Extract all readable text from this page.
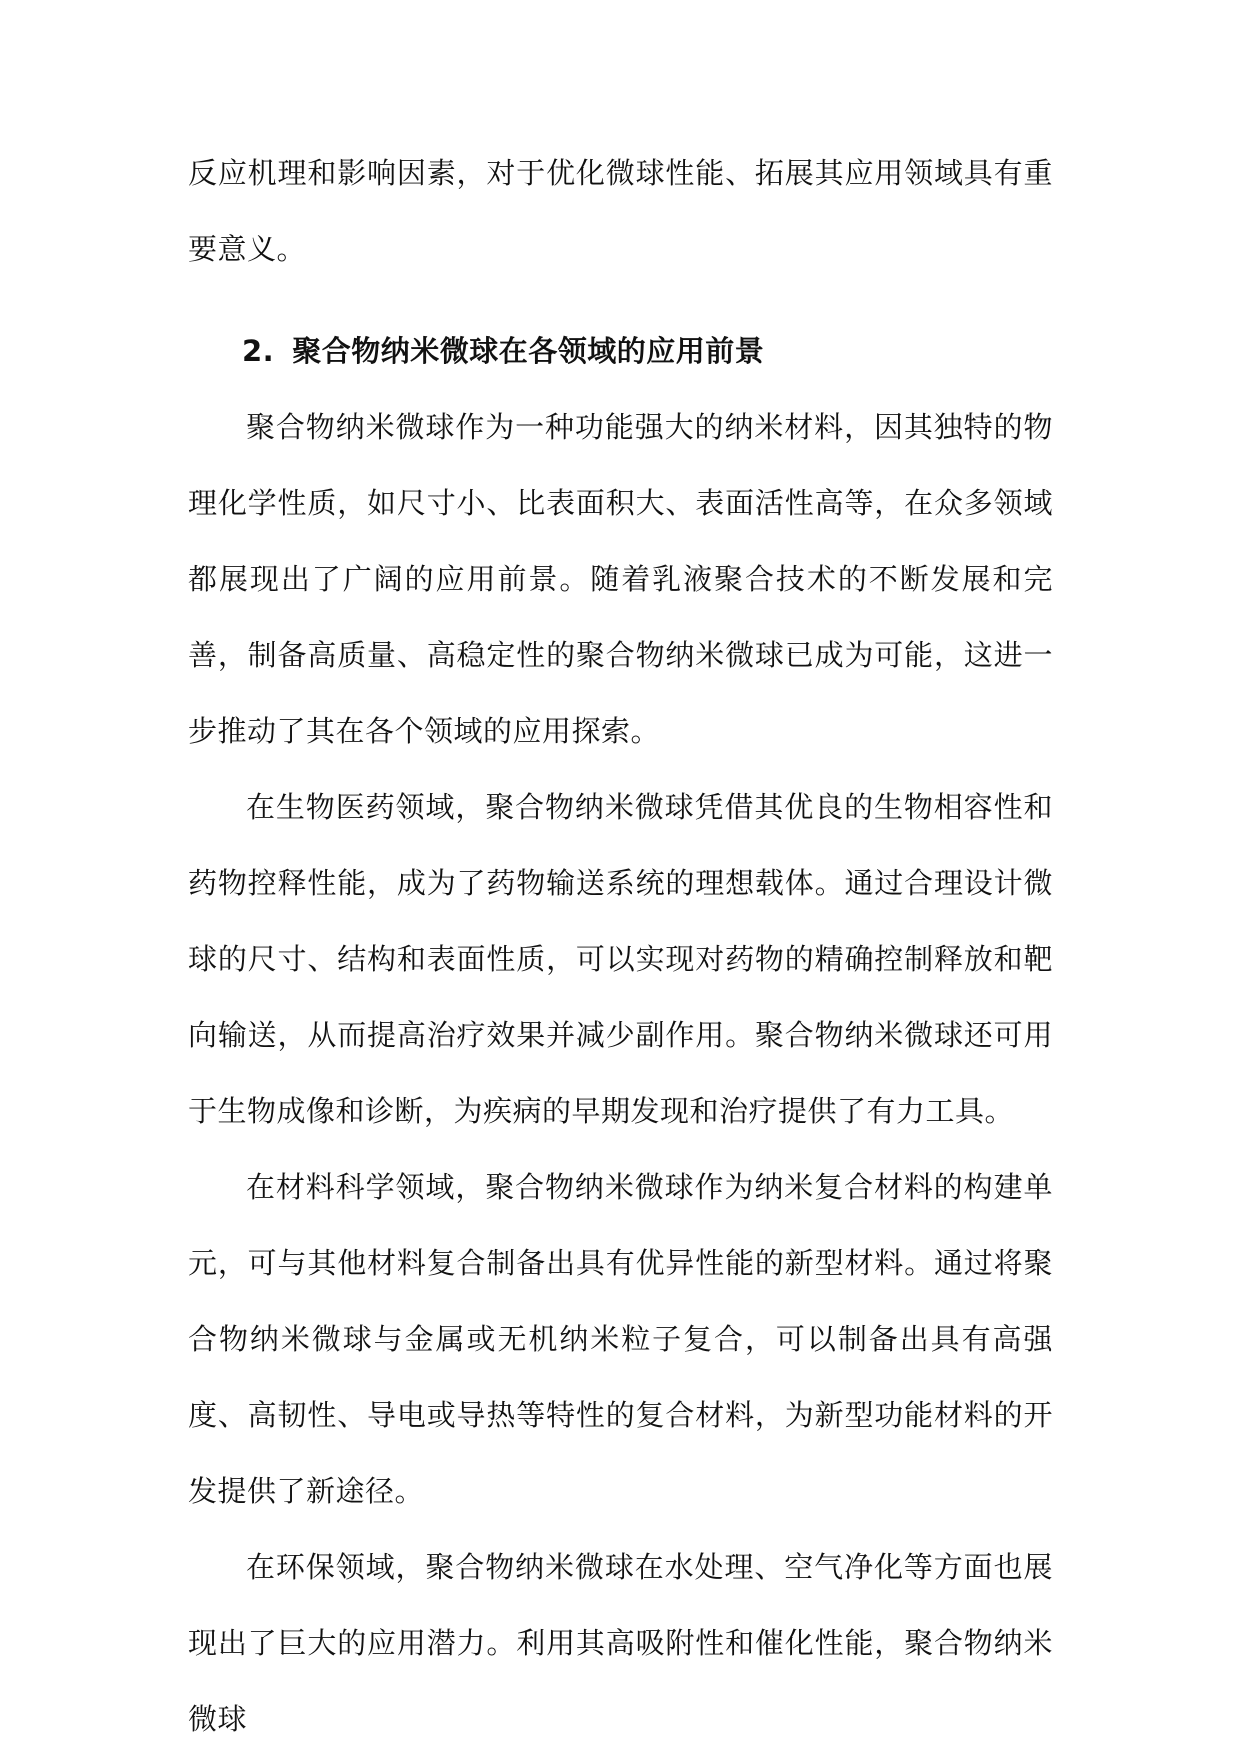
反应机理和影响因素，对于优化微球性能、拓展其应用领域具有重要意义。

2. 聚合物纳米微球在各领域的应用前景

聚合物纳米微球作为一种功能强大的纳米材料，因其独特的物理化学性质，如尺寸小、比表面积大、表面活性高等，在众多领域都展现出了广阔的应用前景。随着乳液聚合技术的不断发展和完善，制备高质量、高稳定性的聚合物纳米微球已成为可能，这进一步推动了其在各个领域的应用探索。

在生物医药领域，聚合物纳米微球凭借其优良的生物相容性和药物控释性能，成为了药物输送系统的理想载体。通过合理设计微球的尺寸、结构和表面性质，可以实现对药物的精确控制释放和靶向输送，从而提高治疗效果并减少副作用。聚合物纳米微球还可用于生物成像和诊断，为疾病的早期发现和治疗提供了有力工具。

在材料科学领域，聚合物纳米微球作为纳米复合材料的构建单元，可与其他材料复合制备出具有优异性能的新型材料。通过将聚合物纳米微球与金属或无机纳米粒子复合，可以制备出具有高强度、高韧性、导电或导热等特性的复合材料，为新型功能材料的开发提供了新途径。

在环保领域，聚合物纳米微球在水处理、空气净化等方面也展现出了巨大的应用潜力。利用其高吸附性和催化性能，聚合物纳米微球
